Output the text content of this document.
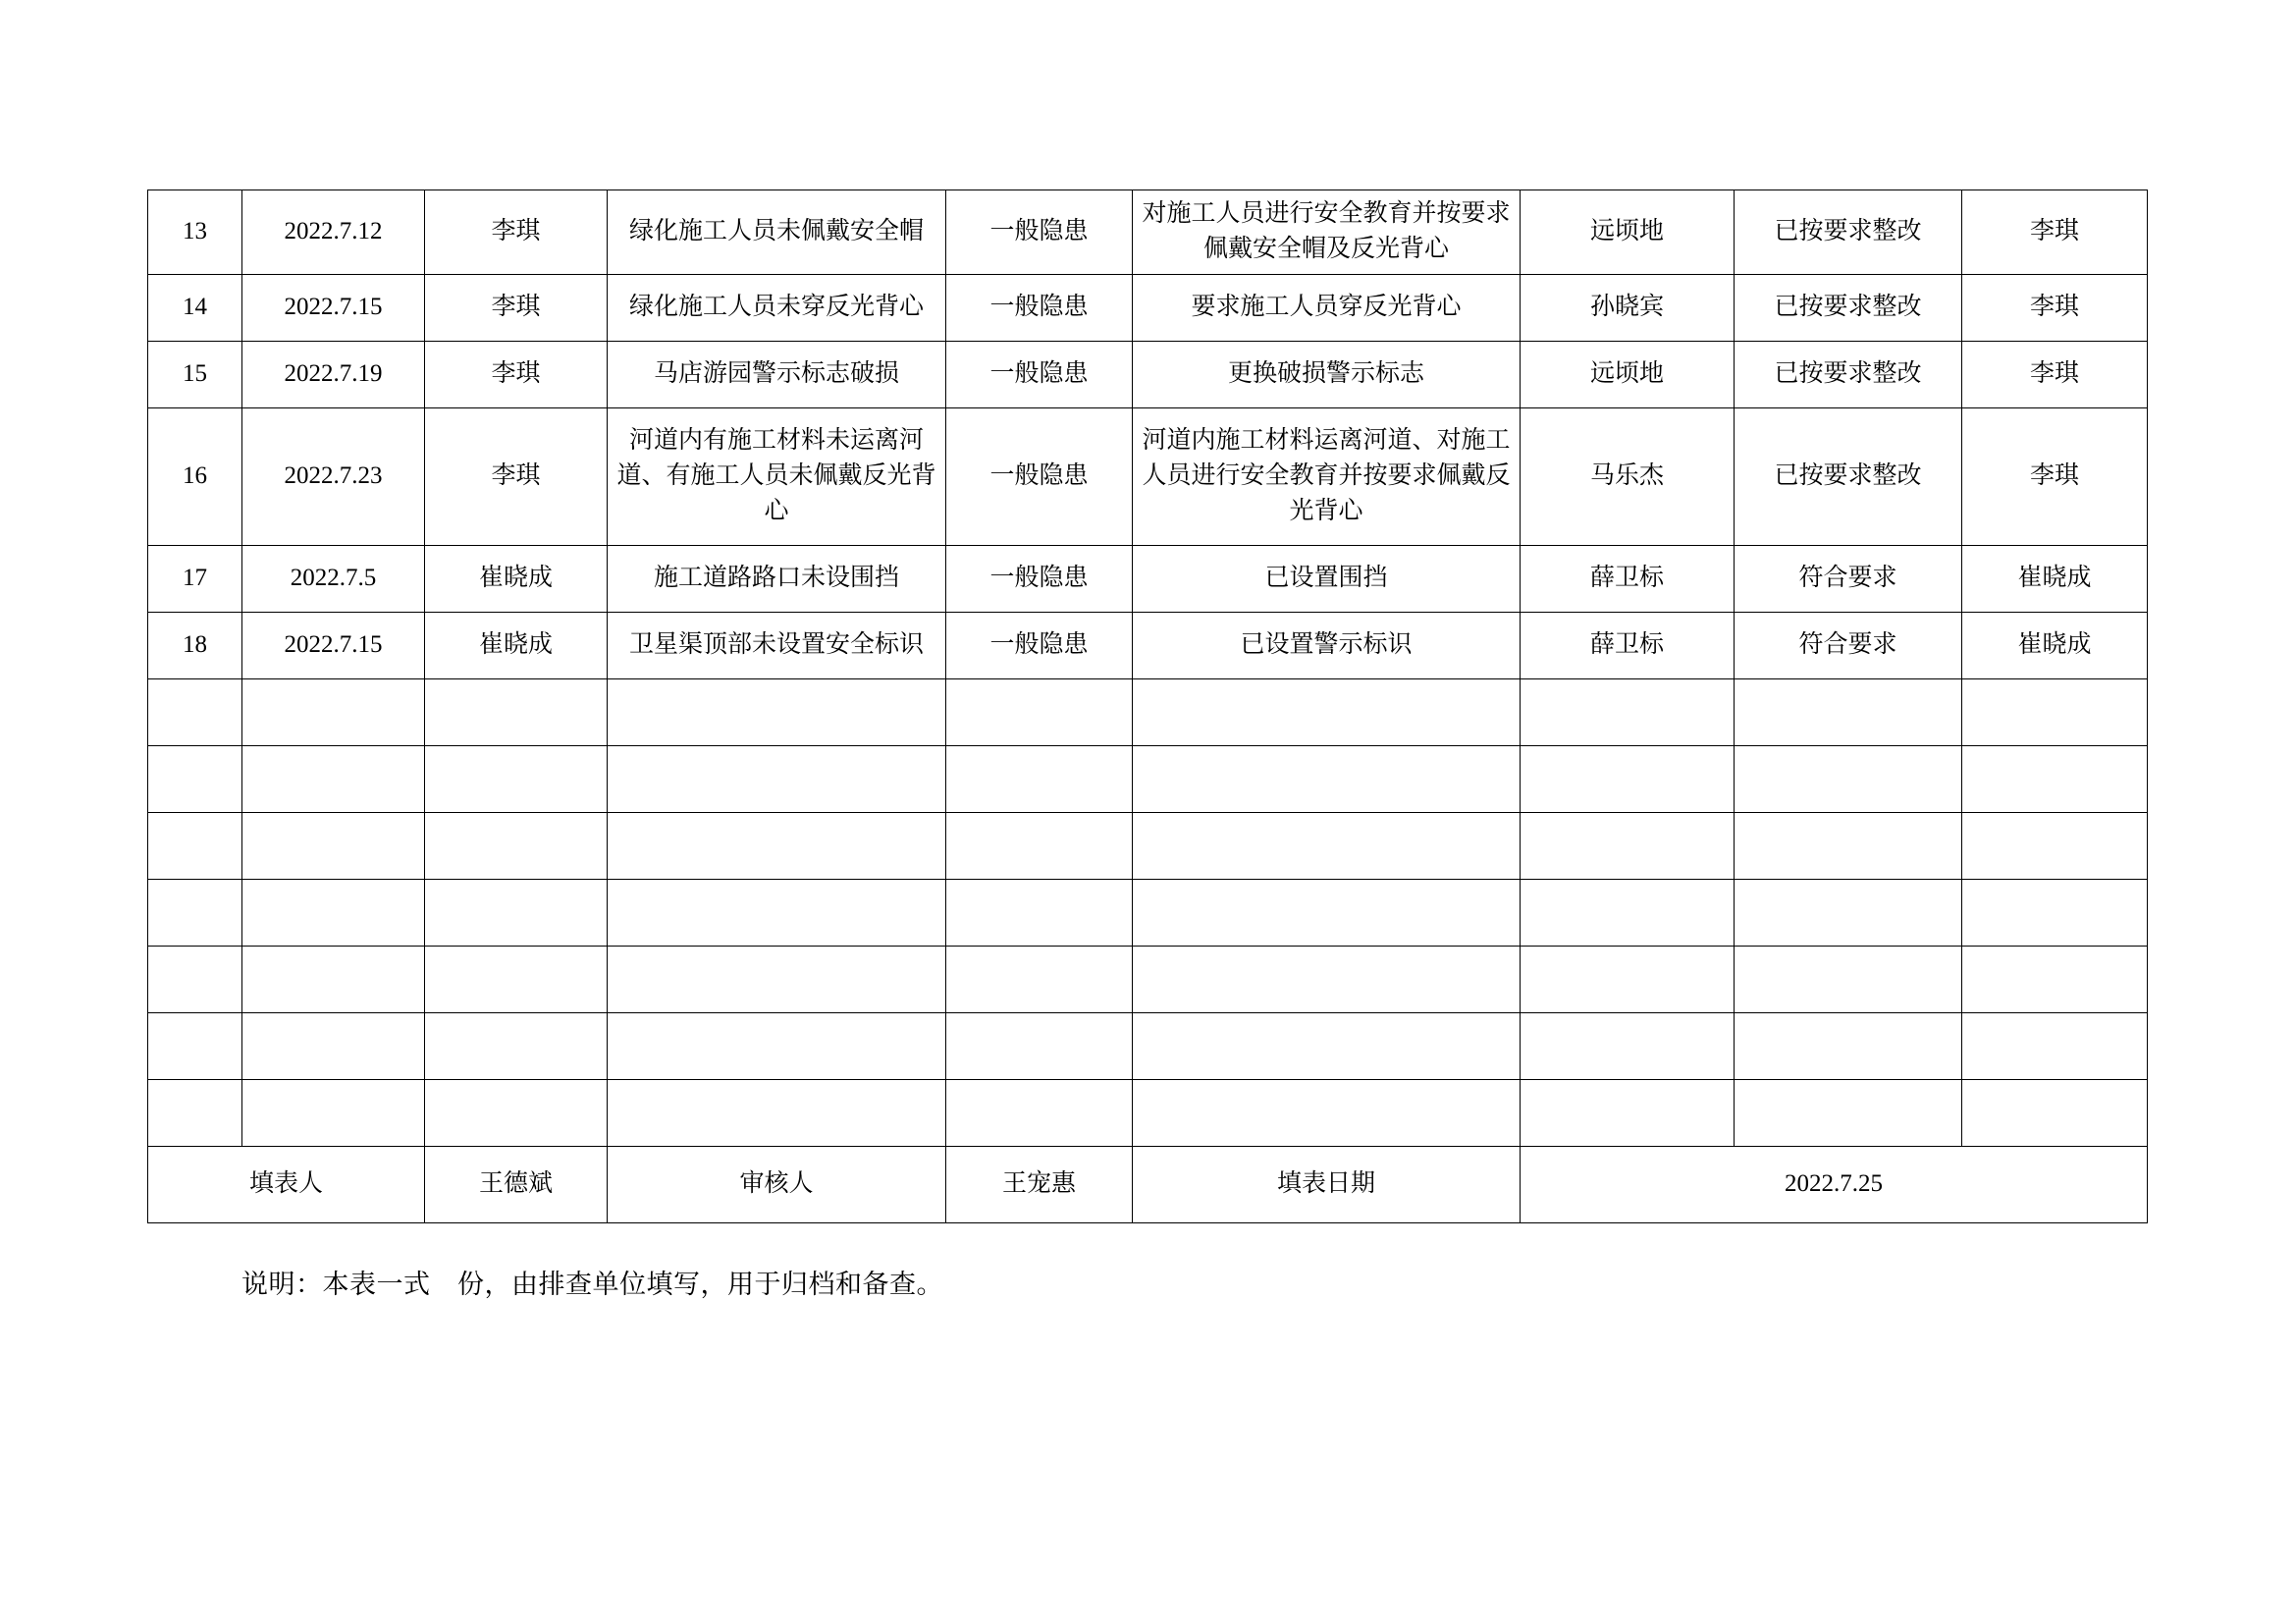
13	2022.7.12	李琪	绿化施工人员未佩戴安全帽	一般隐患	对施工人员进行安全教育并按要求佩戴安全帽及反光背心	远顷地	已按要求整改	李琪
14	2022.7.15	李琪	绿化施工人员未穿反光背心	一般隐患	要求施工人员穿反光背心	孙晓宾	已按要求整改	李琪
15	2022.7.19	李琪	马店游园警示标志破损	一般隐患	更换破损警示标志	远顷地	已按要求整改	李琪
16	2022.7.23	李琪	河道内有施工材料未运离河道、有施工人员未佩戴反光背心	一般隐患	河道内施工材料运离河道、对施工人员进行安全教育并按要求佩戴反光背心	马乐杰	已按要求整改	李琪
17	2022.7.5	崔晓成	施工道路路口未设围挡	一般隐患	已设置围挡	薛卫标	符合要求	崔晓成
18	2022.7.15	崔晓成	卫星渠顶部未设置安全标识	一般隐患	已设置警示标识	薛卫标	符合要求	崔晓成

填表人		王德斌	审核人	王宠惠	填表日期	2022.7.25		
说明：本表一式　份，由排查单位填写，用于归档和备查。
